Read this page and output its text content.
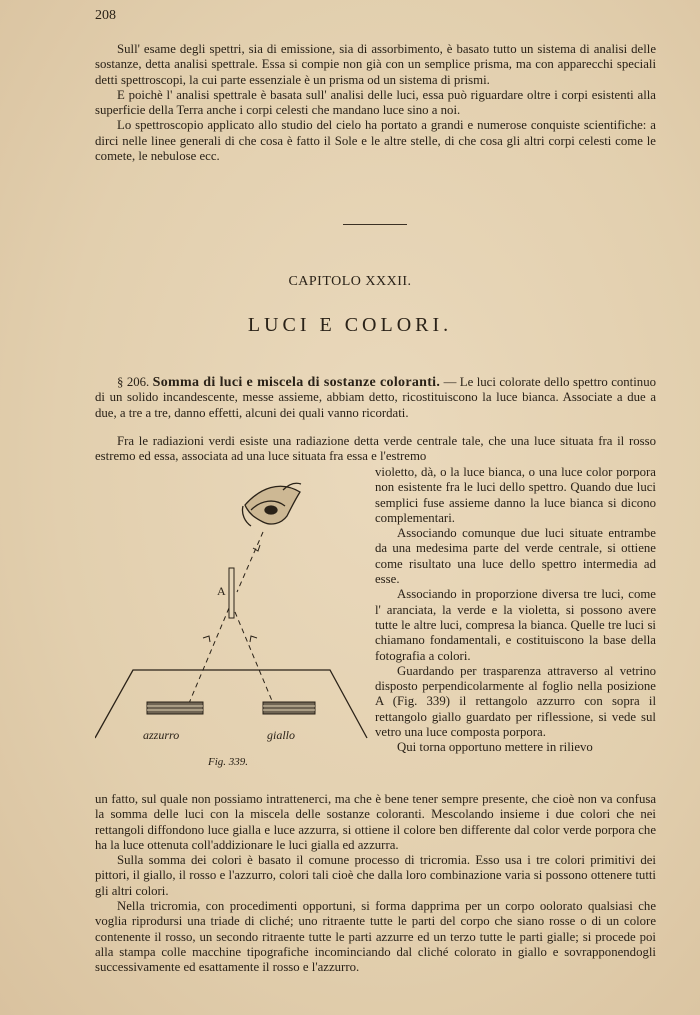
208

Sull' esame degli spettri, sia di emissione, sia di assorbimento, è basato tutto un sistema di analisi delle sostanze, detta analisi spettrale. Essa si compie non già con un semplice prisma, ma con apparecchi speciali detti spettroscopi, la cui parte essenziale è un prisma od un sistema di prismi.

E poichè l' analisi spettrale è basata sull' analisi delle luci, essa può riguardare oltre i corpi esistenti alla superficie della Terra anche i corpi celesti che mandano luce sino a noi.

Lo spettroscopio applicato allo studio del cielo ha portato a grandi e numerose conquiste scientifiche: a dirci nelle linee generali di che cosa è fatto il Sole e le altre stelle, di che cosa gli altri corpi celesti come le comete, le nebulose ecc.

CAPITOLO XXXII.
LUCI E COLORI.

§ 206. Somma di luci e miscela di sostanze coloranti. — Le luci colorate dello spettro continuo di un solido incandescente, messe assieme, abbiam detto, ricostituiscono la luce bianca. Associate a due a due, a tre a tre, danno effetti, alcuni dei quali vanno ricordati.

Fra le radiazioni verdi esiste una radiazione detta verde centrale tale, che una luce situata fra il rosso estremo ed essa, associata ad una luce situata fra essa e l'estremo

violetto, dà, o la luce bianca, o una luce color porpora non esistente fra le luci dello spettro. Quando due luci semplici fuse assieme danno la luce bianca si dicono complementari.

Associando comunque due luci situate entrambe da una medesima parte del verde centrale, si ottiene come risultato una luce dello spettro intermedia ad esse.

Associando in proporzione diversa tre luci, come l' aranciata, la verde e la violetta, si possono avere tutte le altre luci, compresa la bianca. Quelle tre luci si chiamano fondamentali, e costituiscono la base della fotografia a colori.

Guardando per trasparenza attraverso al vetrino disposto perpendicolarmente al foglio nella posizione A (Fig. 339) il rettangolo azzurro con sopra il rettangolo giallo guardato per riflessione, si vede sul vetro una luce composta porpora.

Qui torna opportuno mettere in rilievo

A
azzurro	giallo
Fig. 339.

un fatto, sul quale non possiamo intrattenerci, ma che è bene tener sempre presente, che cioè non va confusa la somma delle luci con la miscela delle sostanze coloranti. Mescolando insieme i due colori che nei rettangoli diffondono luce gialla e luce azzurra, si ottiene il colore ben differente dal color verde porpora che ha la luce ottenuta coll'addizionare le luci gialla ed azzurra.

Sulla somma dei colori è basato il comune processo di tricromia. Esso usa i tre colori primitivi dei pittori, il giallo, il rosso e l'azzurro, colori tali cioè che dalla loro combinazione varia si possono ottenere tutti gli altri colori.

Nella tricromia, con procedimenti opportuni, si forma dapprima per un corpo oolorato qualsiasi che voglia riprodursi una triade di cliché; uno ritraente tutte le parti del corpo che siano rosse o di un colore contenente il rosso, un secondo ritraente tutte le parti azzurre ed un terzo tutte le parti gialle; si procede poi alla stampa colle macchine tipografiche incominciando dal cliché colorato in giallo e sovrapponendogli successivamente ed esattamente il rosso e l'azzurro.
